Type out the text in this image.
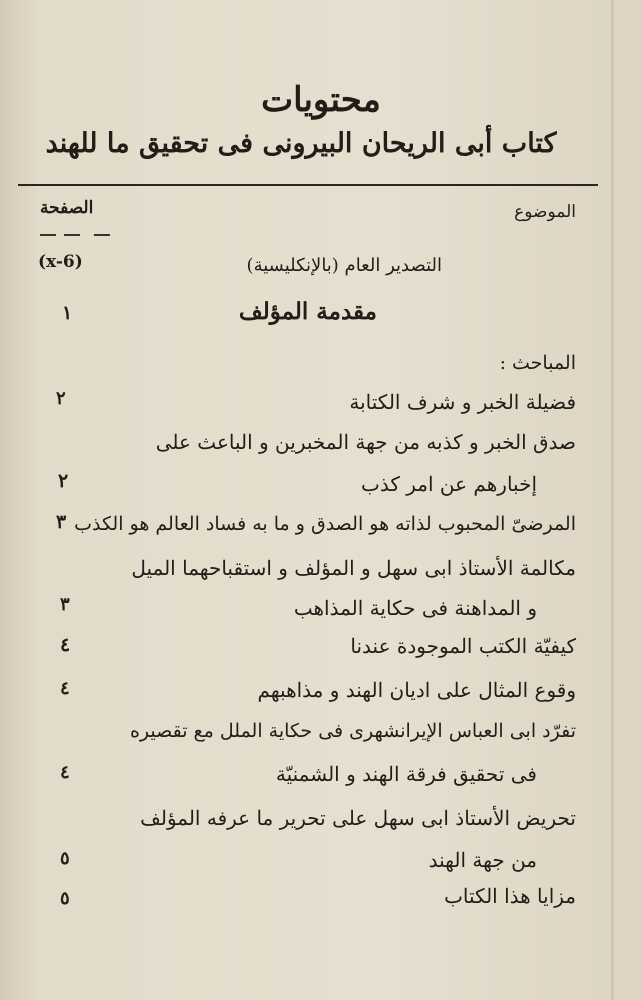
محتويات
كتاب أبى الريحان البيرونى فى تحقيق ما للهند
الموضوع
الصفحة
التصدير العام (بالإنكليسية)
(x-6)
مقدمة المؤلف
١
المباحث :
فضيلة الخبر و شرف الكتابة
٢
صدق الخبر و كذبه من جهة المخبرين و الباعث على
إخبارهم عن امر كذب
٢
المرضىّ المحبوب لذاته هو الصدق و ما به فساد العالم هو الكذب
٣
مكالمة الأستاذ ابى سهل و المؤلف و استقباحهما الميل
و المداهنة فى حكاية المذاهب
٣
كيفيّة الكتب الموجودة عندنا
٤
وقوع المثال على اديان الهند و مذاهبهم
٤
تفرّد ابى العباس الإيرانشهرى فى حكاية الملل مع تقصيره
فى تحقيق فرقة الهند و الشمنيّة
٤
تحريض الأستاذ ابى سهل على تحرير ما عرفه المؤلف
من جهة الهند
٥
مزايا هذا الكتاب
٥
